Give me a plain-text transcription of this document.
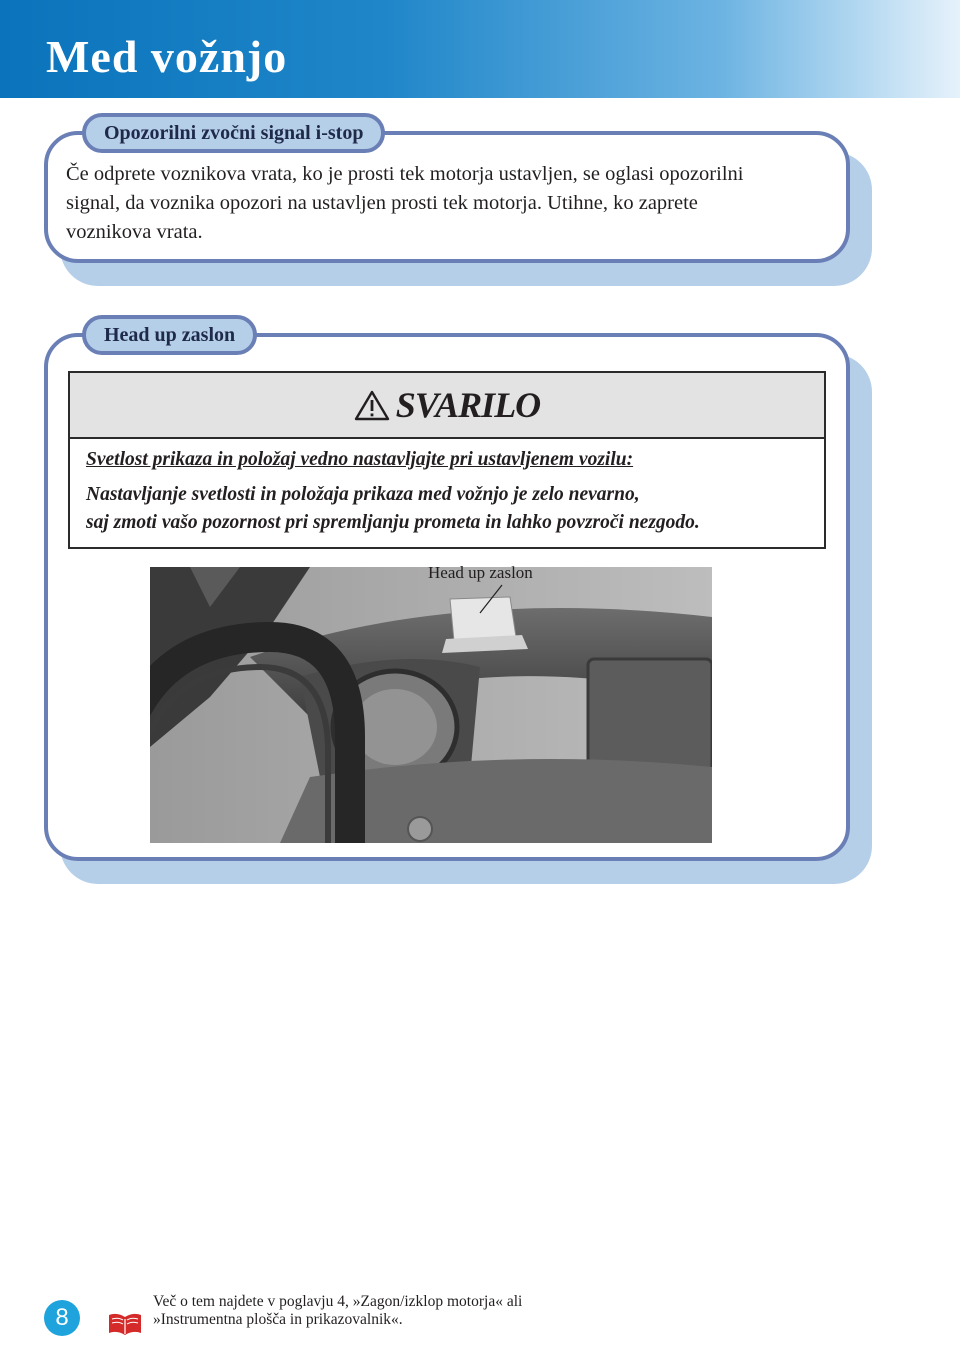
Med vožnjo
Opozorilni zvočni signal i-stop

Če odprete voznikova vrata, ko je prosti tek motorja ustavljen, se oglasi opozorilni
signal, da voznika opozori na ustavljen prosti tek motorja. Utihne, ko zaprete
voznikova vrata.

Head up zaslon
SVARILO

Svetlost prikaza in položaj vedno nastavljajte pri ustavljenem vozilu:

Nastavljanje svetlosti in položaja prikaza med vožnjo je zelo nevarno,
saj zmoti vašo pozornost pri spremljanju prometa in lahko povzroči nezgodo.

Head up zaslon

8

Več o tem najdete v poglavju 4, »Zagon/izklop motorja« ali
»Instrumentna plošča in prikazovalnik«.
